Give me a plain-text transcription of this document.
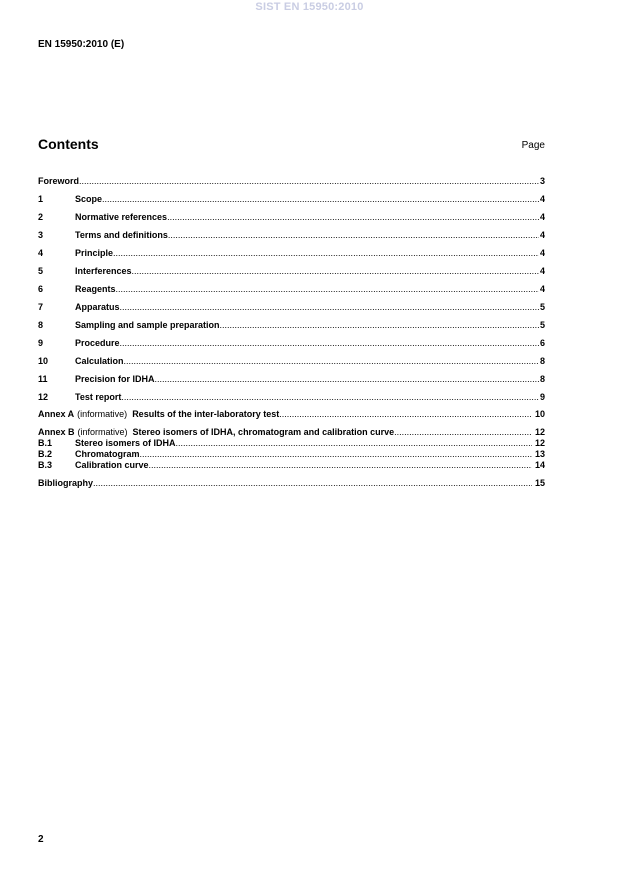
SIST EN 15950:2010
EN 15950:2010 (E)
Contents	Page
Foreword .....	3
1	Scope .....	4
2	Normative references .....	4
3	Terms and definitions .....	4
4	Principle .....	4
5	Interferences .....	4
6	Reagents .....	4
7	Apparatus .....	5
8	Sampling and sample preparation .....	5
9	Procedure .....	6
10	Calculation .....	8
11	Precision for IDHA .....	8
12	Test report .....	9
Annex A (informative) Results of the inter-laboratory test .....	10
Annex B (informative) Stereo isomers of IDHA, chromatogram and calibration curve .....	12
B.1	Stereo isomers of IDHA .....	12
B.2	Chromatogram .....	13
B.3	Calibration curve .....	14
Bibliography .....	15
2
